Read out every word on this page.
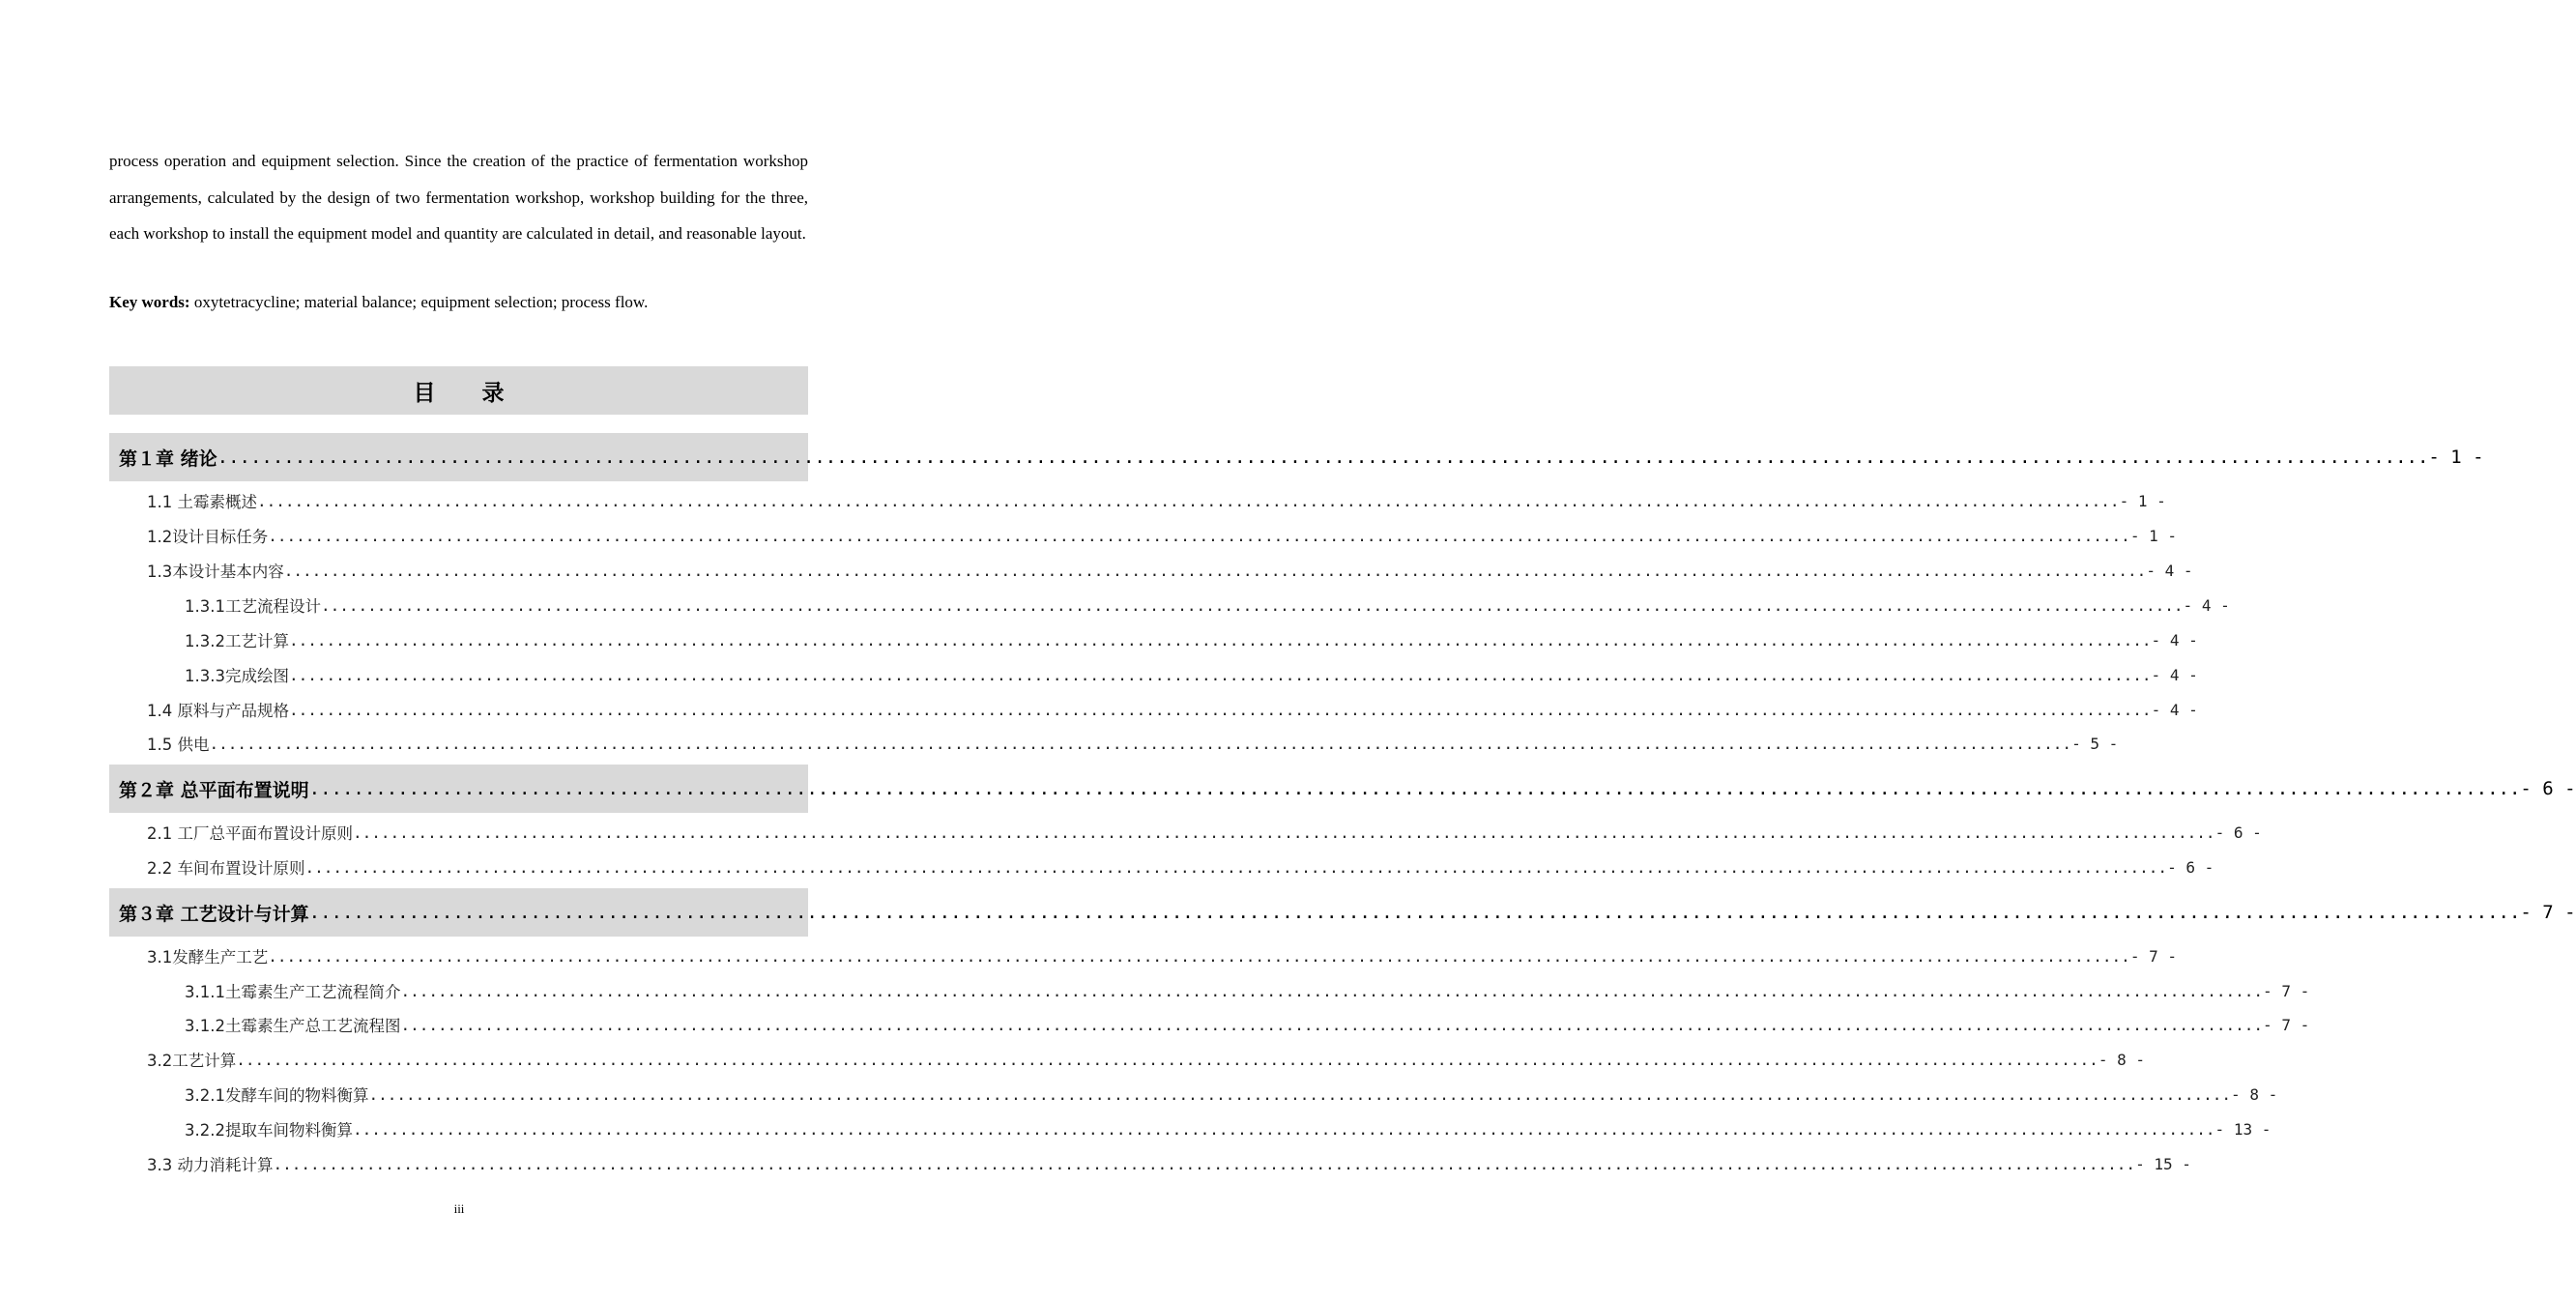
process operation and equipment selection. Since the creation of the practice of fermentation workshop arrangements, calculated by the design of two fermentation workshop, workshop building for the three, each workshop to install the equipment model and quantity are calculated in detail, and reasonable layout.
Key words: oxytetracycline; material balance; equipment selection; process flow.
目 录
第１章 绪论 ........................................................................................................................................................................................................ - 1 -
1.1 土霉素概述 ........................................................................................................................................................................................................ - 1 -
1.2设计目标任务 ........................................................................................................................................................................................................ - 1 -
1.3本设计基本内容 ........................................................................................................................................................................................................ - 4 -
1.3.1工艺流程设计 ........................................................................................................................................................................................................ - 4 -
1.3.2工艺计算 ........................................................................................................................................................................................................ - 4 -
1.3.3完成绘图 ........................................................................................................................................................................................................ - 4 -
1.4 原料与产品规格 ........................................................................................................................................................................................................ - 4 -
1.5 供电 ........................................................................................................................................................................................................ - 5 -
第２章 总平面布置说明 ........................................................................................................................................................................................................ - 6 -
2.1 工厂总平面布置设计原则 ........................................................................................................................................................................................................ - 6 -
2.2 车间布置设计原则 ........................................................................................................................................................................................................ - 6 -
第３章 工艺设计与计算 ........................................................................................................................................................................................................ - 7 -
3.1发酵生产工艺 ........................................................................................................................................................................................................ - 7 -
3.1.1土霉素生产工艺流程简介 ........................................................................................................................................................................................................ - 7 -
3.1.2土霉素生产总工艺流程图 ........................................................................................................................................................................................................ - 7 -
3.2工艺计算 ........................................................................................................................................................................................................ - 8 -
3.2.1发酵车间的物料衡算 ........................................................................................................................................................................................................ - 8 -
3.2.2提取车间物料衡算 ........................................................................................................................................................................................................ - 13 -
3.3 动力消耗计算 ........................................................................................................................................................................................................ - 15 -
iii
